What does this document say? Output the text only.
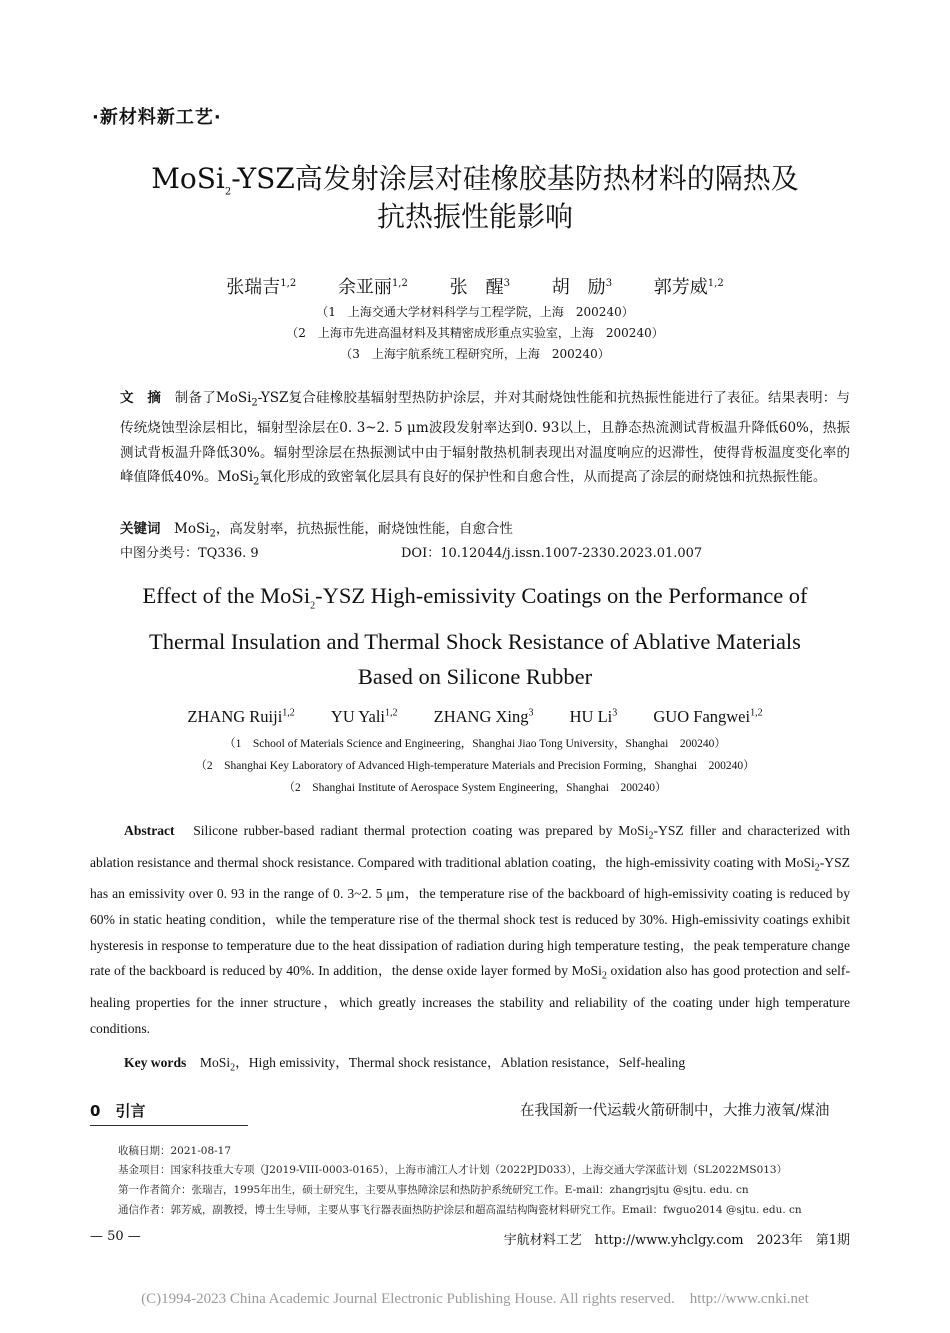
·新材料新工艺·
MoSi$_2$-YSZ高发射涂层对硅橡胶基防热材料的隔热及
抗热振性能影响
张瑞吉$^{1,2}$ 余亚丽$^{1,2}$ 张　醒$^3$ 胡　励$^3$ 郭芳威$^{1,2}$
（1　上海交通大学材料科学与工程学院，上海　200240）
（2　上海市先进高温材料及其精密成形重点实验室，上海　200240）
（3　上海宇航系统工程研究所，上海　200240）
文　摘　 制备了MoSi$_2$-YSZ复合硅橡胶基辐射型热防护涂层，并对其耐烧蚀性能和抗热振性能进行了表征。结果表明：与传统烧蚀型涂层相比，辐射型涂层在0. 3~2. 5 μm波段发射率达到0. 93以上，且静态热流测试背板温升降低60%，热振测试背板温升降低30%。辐射型涂层在热振测试中由于辐射散热机制表现出对温度响应的迟滞性，使得背板温度变化率的峰值降低40%。MoSi$_2$氧化形成的致密氧化层具有良好的保护性和自愈合性，从而提高了涂层的耐烧蚀和抗热振性能。
关键词　 MoSi$_2$，高发射率，抗热振性能，耐烧蚀性能，自愈合性
中图分类号：TQ336. 9	DOI：10.12044/j.issn.1007-2330.2023.01.007
Effect of the MoSi$_2$-YSZ High-emissivity Coatings on the Performance of
Thermal Insulation and Thermal Shock Resistance of Ablative Materials
Based on Silicone Rubber
ZHANG Ruiji$^{1,2}$ YU Yali$^{1,2}$ ZHANG Xing$^3$ HU Li$^3$ GUO Fangwei$^{1,2}$
（1　School of Materials Science and Engineering，Shanghai Jiao Tong University，Shanghai　200240）
（2　Shanghai Key Laboratory of Advanced High-temperature Materials and Precision Forming，Shanghai　200240）
（2　Shanghai Institute of Aerospace System Engineering，Shanghai　200240）
Abstract　 Silicone rubber-based radiant thermal protection coating was prepared by MoSi$_2$-YSZ filler and characterized with ablation resistance and thermal shock resistance. Compared with traditional ablation coating，the high-emissivity coating with MoSi$_2$-YSZ has an emissivity over 0. 93 in the range of 0. 3~2. 5 μm，the temperature rise of the backboard of high-emissivity coating is reduced by 60% in static heating condition，while the temperature rise of the thermal shock test is reduced by 30%. High-emissivity coatings exhibit hysteresis in response to temperature due to the heat dissipation of radiation during high temperature testing，the peak temperature change rate of the backboard is reduced by 40%. In addition，the dense oxide layer formed by MoSi$_2$ oxidation also has good protection and self-healing properties for the inner structure，which greatly increases the stability and reliability of the coating under high temperature conditions.
Key words　 MoSi$_2$，High emissivity，Thermal shock resistance，Ablation resistance，Self-healing
0　 引言	在我国新一代运载火箭研制中，大推力液氧/煤油
收稿日期：2021-08-17
基金项目：国家科技重大专项（J2019-VIII-0003-0165），上海市浦江人才计划（2022PJD033），上海交通大学深蓝计划（SL2022MS013）
第一作者简介：张瑞吉，1995年出生，硕士研究生，主要从事热障涂层和热防护系统研究工作。E-mail：zhangrjsjtu @sjtu. edu. cn
通信作者：郭芳威，副教授，博士生导师，主要从事飞行器表面热防护涂层和超高温结构陶瓷材料研究工作。Email：fwguo2014 @sjtu. edu. cn
— 50 —	宇航材料工艺　http://www.yhclgy.com　2023年　第1期
(C)1994-2023 China Academic Journal Electronic Publishing House. All rights reserved.　http://www.cnki.net
